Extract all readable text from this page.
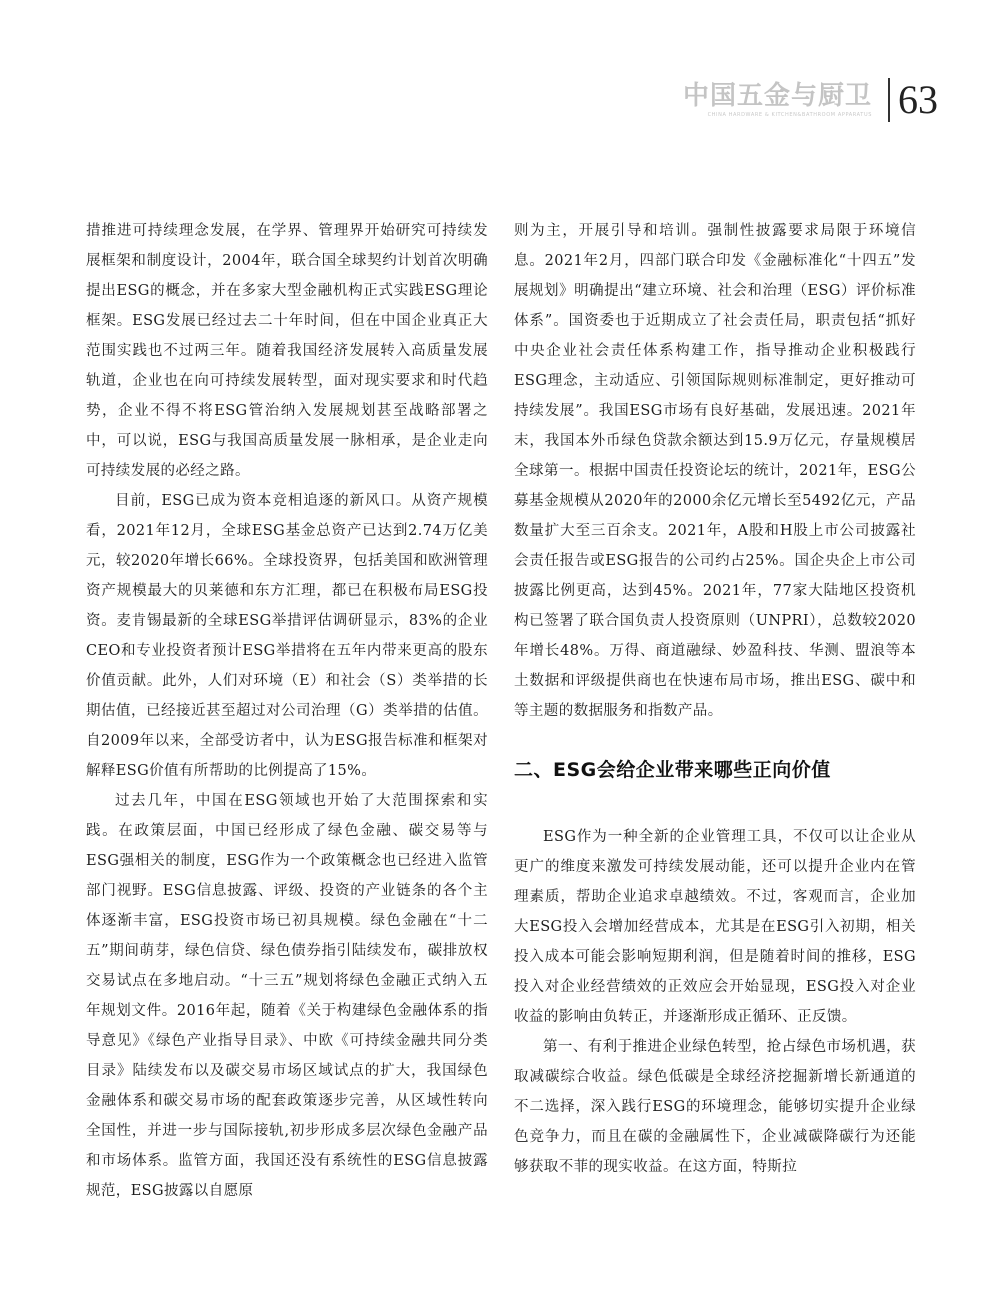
中国五金与厨卫
CHINA HARDWARE & KITCHEN&BATHROOM APPARATUS 63

措推进可持续理念发展，在学界、管理界开始研究可持续发展框架和制度设计，2004年，联合国全球契约计划首次明确提出ESG的概念，并在多家大型金融机构正式实践ESG理论框架。ESG发展已经过去二十年时间，但在中国企业真正大范围实践也不过两三年。随着我国经济发展转入高质量发展轨道，企业也在向可持续发展转型，面对现实要求和时代趋势，企业不得不将ESG管治纳入发展规划甚至战略部署之中，可以说，ESG与我国高质量发展一脉相承，是企业走向可持续发展的必经之路。

目前，ESG已成为资本竞相追逐的新风口。从资产规模看，2021年12月，全球ESG基金总资产已达到2.74万亿美元，较2020年增长66%。全球投资界，包括美国和欧洲管理资产规模最大的贝莱德和东方汇理，都已在积极布局ESG投资。麦肯锡最新的全球ESG举措评估调研显示，83%的企业CEO和专业投资者预计ESG举措将在五年内带来更高的股东价值贡献。此外，人们对环境（E）和社会（S）类举措的长期估值，已经接近甚至超过对公司治理（G）类举措的估值。自2009年以来，全部受访者中，认为ESG报告标准和框架对解释ESG价值有所帮助的比例提高了15%。

过去几年，中国在ESG领域也开始了大范围探索和实践。在政策层面，中国已经形成了绿色金融、碳交易等与ESG强相关的制度，ESG作为一个政策概念也已经进入监管部门视野。ESG信息披露、评级、投资的产业链条的各个主体逐渐丰富，ESG投资市场已初具规模。绿色金融在“十二五”期间萌芽，绿色信贷、绿色债券指引陆续发布，碳排放权交易试点在多地启动。“十三五”规划将绿色金融正式纳入五年规划文件。2016年起，随着《关于构建绿色金融体系的指导意见》《绿色产业指导目录》、中欧《可持续金融共同分类目录》陆续发布以及碳交易市场区域试点的扩大，我国绿色金融体系和碳交易市场的配套政策逐步完善，从区域性转向全国性，并进一步与国际接轨,初步形成多层次绿色金融产品和市场体系。监管方面，我国还没有系统性的ESG信息披露规范，ESG披露以自愿原

则为主，开展引导和培训。强制性披露要求局限于环境信息。2021年2月，四部门联合印发《金融标准化“十四五”发展规划》明确提出“建立环境、社会和治理（ESG）评价标准体系”。国资委也于近期成立了社会责任局，职责包括“抓好中央企业社会责任体系构建工作，指导推动企业积极践行ESG理念，主动适应、引领国际规则标准制定，更好推动可持续发展”。我国ESG市场有良好基础，发展迅速。2021年末，我国本外币绿色贷款余额达到15.9万亿元，存量规模居全球第一。根据中国责任投资论坛的统计，2021年，ESG公募基金规模从2020年的2000余亿元增长至5492亿元，产品数量扩大至三百余支。2021年，A股和H股上市公司披露社会责任报告或ESG报告的公司约占25%。国企央企上市公司披露比例更高，达到45%。2021年，77家大陆地区投资机构已签署了联合国负责人投资原则（UNPRI），总数较2020年增长48%。万得、商道融绿、妙盈科技、华测、盟浪等本土数据和评级提供商也在快速布局市场，推出ESG、碳中和等主题的数据服务和指数产品。

二、ESG会给企业带来哪些正向价值

ESG作为一种全新的企业管理工具，不仅可以让企业从更广的维度来激发可持续发展动能，还可以提升企业内在管理素质，帮助企业追求卓越绩效。不过，客观而言，企业加大ESG投入会增加经营成本，尤其是在ESG引入初期，相关投入成本可能会影响短期利润，但是随着时间的推移，ESG投入对企业经营绩效的正效应会开始显现，ESG投入对企业收益的影响由负转正，并逐渐形成正循环、正反馈。

第一、有利于推进企业绿色转型，抢占绿色市场机遇，获取减碳综合收益。绿色低碳是全球经济挖掘新增长新通道的不二选择，深入践行ESG的环境理念，能够切实提升企业绿色竞争力，而且在碳的金融属性下，企业减碳降碳行为还能够获取不菲的现实收益。在这方面，特斯拉
